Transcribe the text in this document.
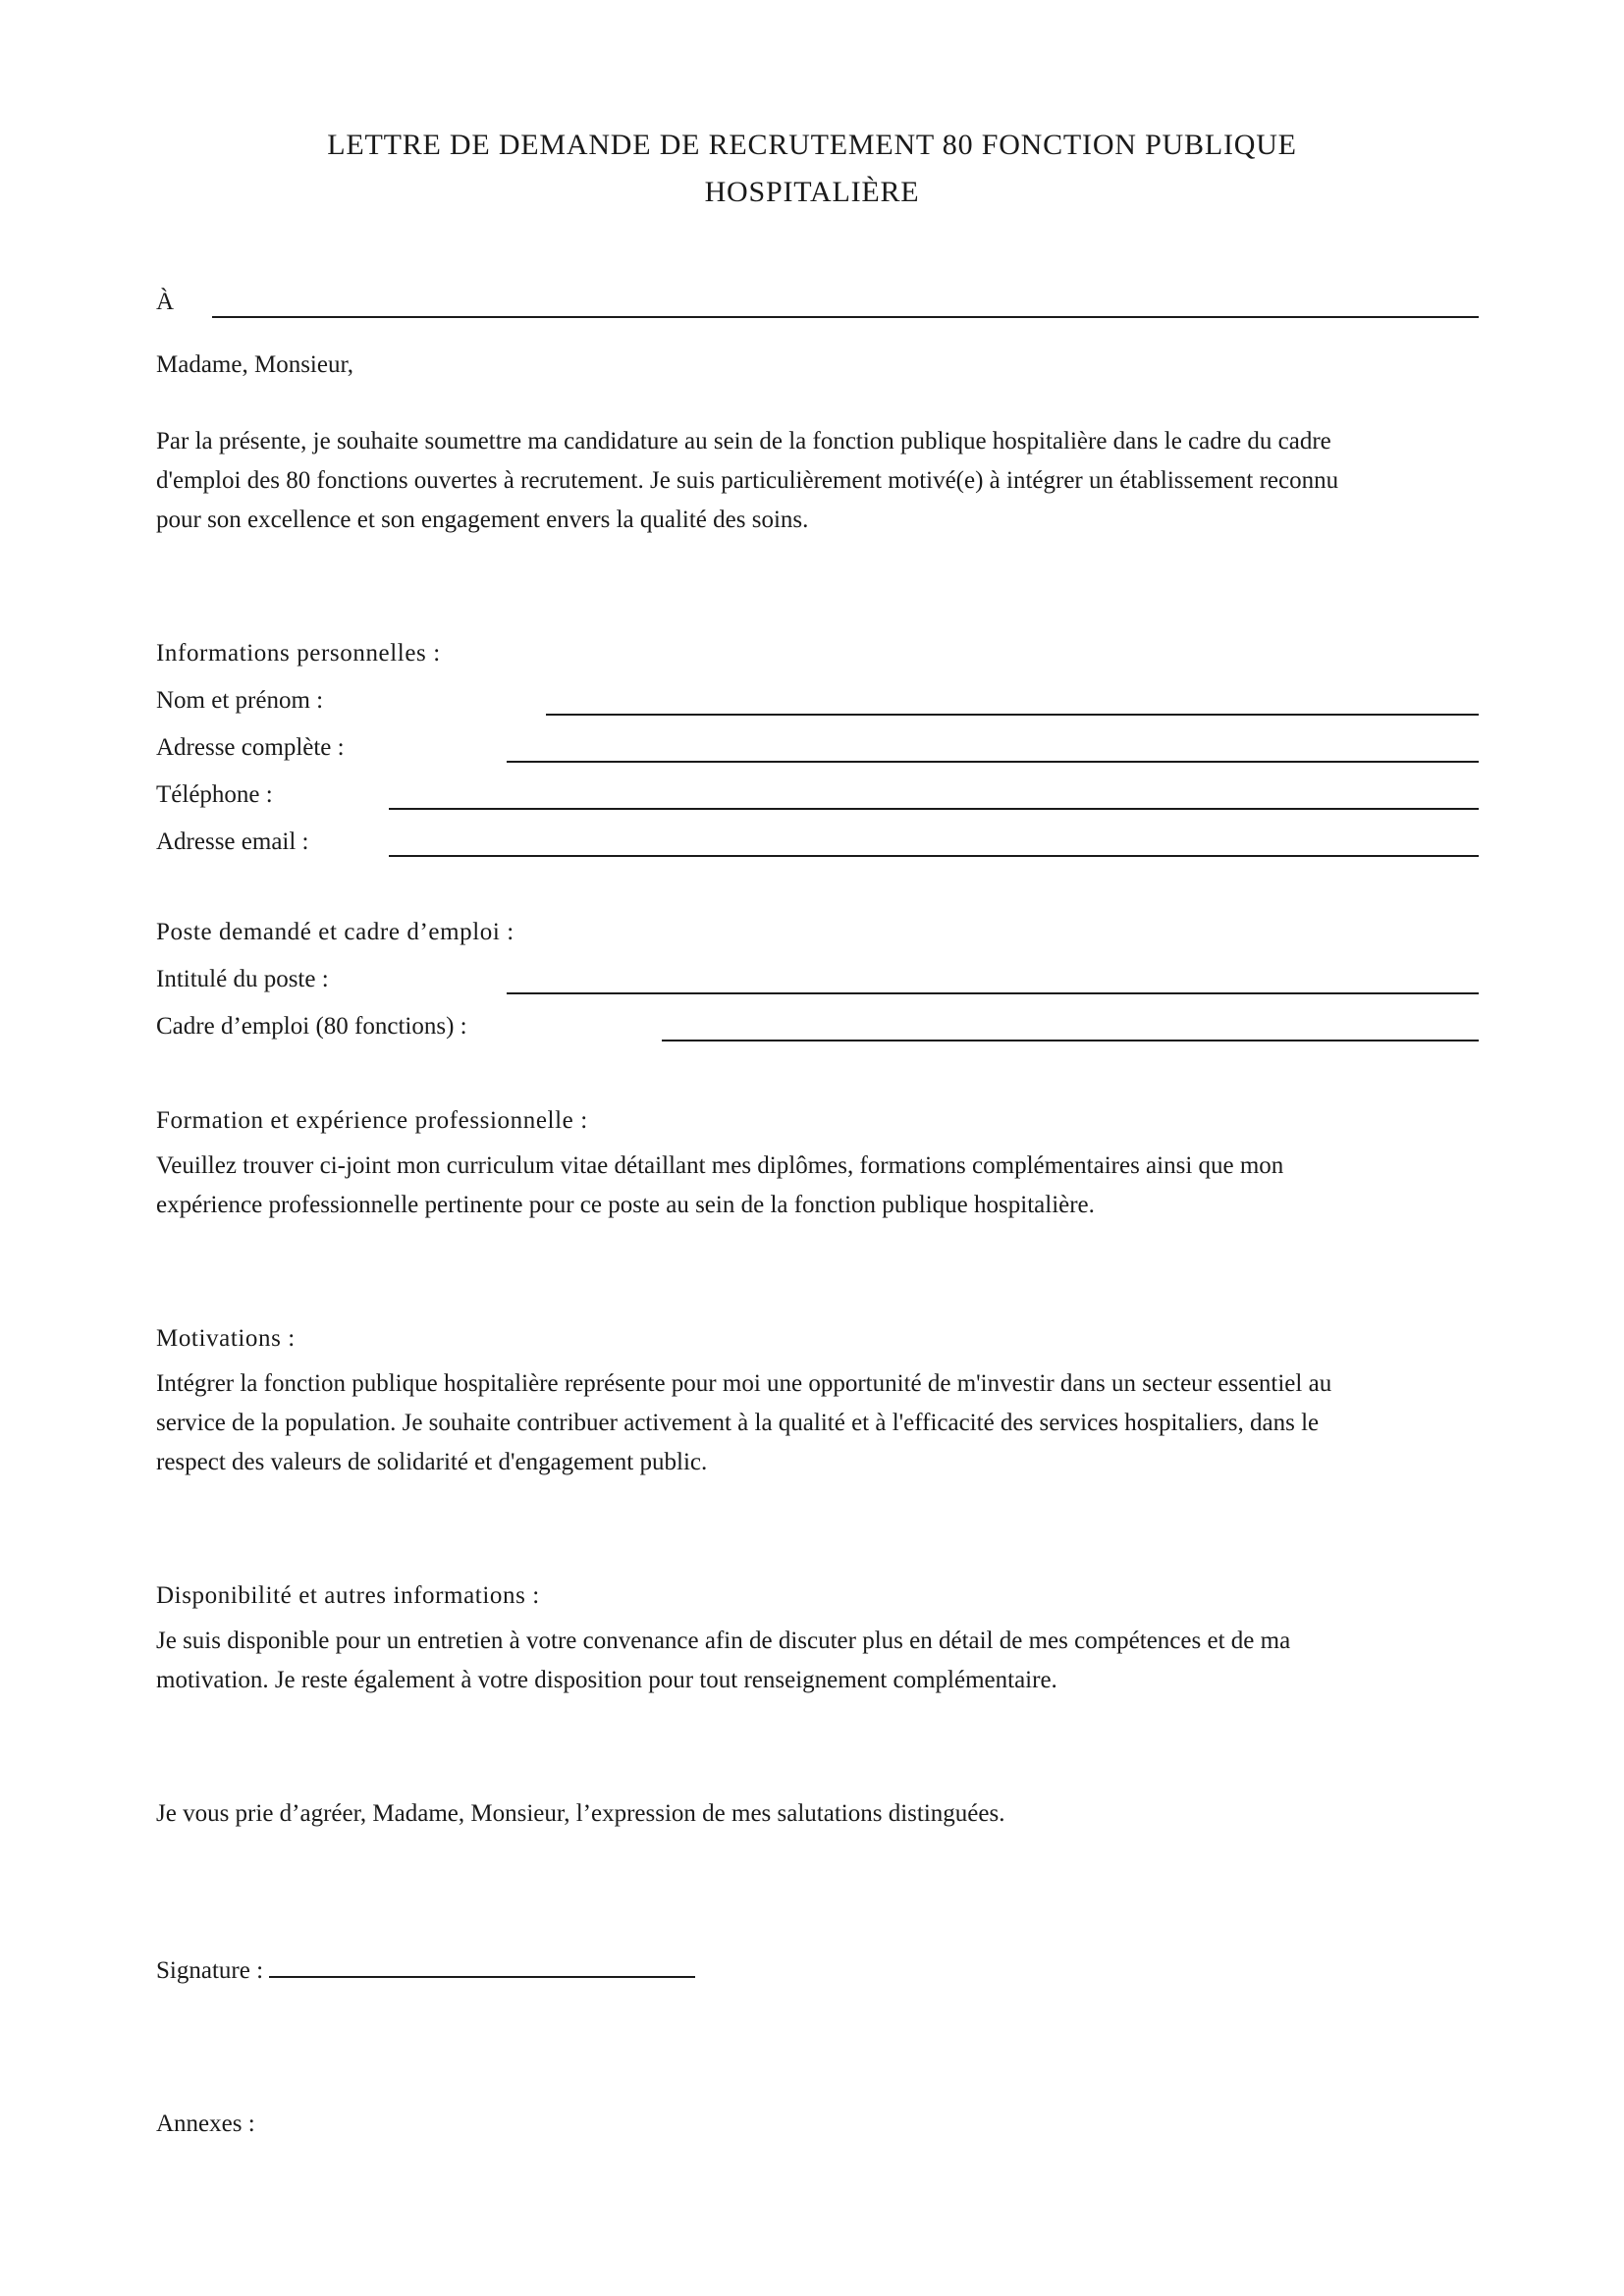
LETTRE DE DEMANDE DE RECRUTEMENT 80 FONCTION PUBLIQUE
HOSPITALIÈRE
À
Madame, Monsieur,
Par la présente, je souhaite soumettre ma candidature au sein de la fonction publique hospitalière dans le cadre du cadre
d'emploi des 80 fonctions ouvertes à recrutement. Je suis particulièrement motivé(e) à intégrer un établissement reconnu
pour son excellence et son engagement envers la qualité des soins.
Informations personnelles :
Nom et prénom :
Adresse complète :
Téléphone :
Adresse email :
Poste demandé et cadre d’emploi :
Intitulé du poste :
Cadre d’emploi (80 fonctions) :
Formation et expérience professionnelle :
Veuillez trouver ci-joint mon curriculum vitae détaillant mes diplômes, formations complémentaires ainsi que mon
expérience professionnelle pertinente pour ce poste au sein de la fonction publique hospitalière.
Motivations :
Intégrer la fonction publique hospitalière représente pour moi une opportunité de m'investir dans un secteur essentiel au
service de la population. Je souhaite contribuer activement à la qualité et à l'efficacité des services hospitaliers, dans le
respect des valeurs de solidarité et d'engagement public.
Disponibilité et autres informations :
Je suis disponible pour un entretien à votre convenance afin de discuter plus en détail de mes compétences et de ma
motivation. Je reste également à votre disposition pour tout renseignement complémentaire.
Je vous prie d’agréer, Madame, Monsieur, l’expression de mes salutations distinguées.
Signature :
Annexes :
